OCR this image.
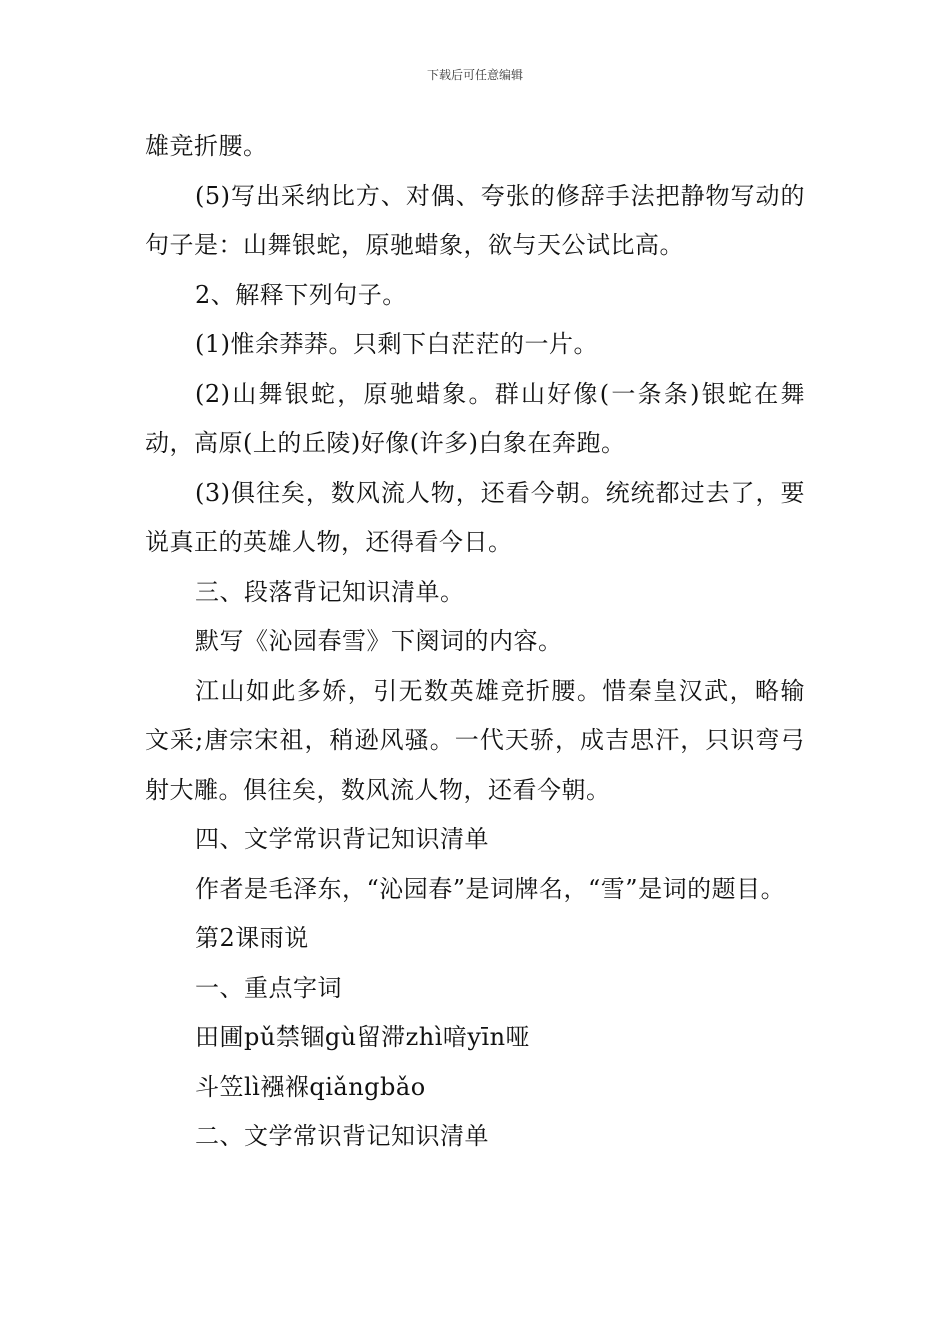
下载后可任意编辑

雄竞折腰。

(5)写出采纳比方、对偶、夸张的修辞手法把静物写动的句子是：山舞银蛇，原驰蜡象，欲与天公试比高。

2、解释下列句子。

(1)惟余莽莽。只剩下白茫茫的一片。

(2)山舞银蛇，原驰蜡象。群山好像(一条条)银蛇在舞动，高原(上的丘陵)好像(许多)白象在奔跑。

(3)俱往矣，数风流人物，还看今朝。统统都过去了，要说真正的英雄人物，还得看今日。

三、段落背记知识清单。

默写《沁园春雪》下阕词的内容。

江山如此多娇，引无数英雄竞折腰。惜秦皇汉武，略输文采;唐宗宋祖，稍逊风骚。一代天骄，成吉思汗，只识弯弓射大雕。俱往矣，数风流人物，还看今朝。

四、文学常识背记知识清单

作者是毛泽东，“沁园春”是词牌名，“雪”是词的题目。

第2课雨说

一、重点字词

田圃pǔ禁锢gù留滞zhì喑yīn哑

斗笠lì襁褓qiǎngbǎo

二、文学常识背记知识清单
